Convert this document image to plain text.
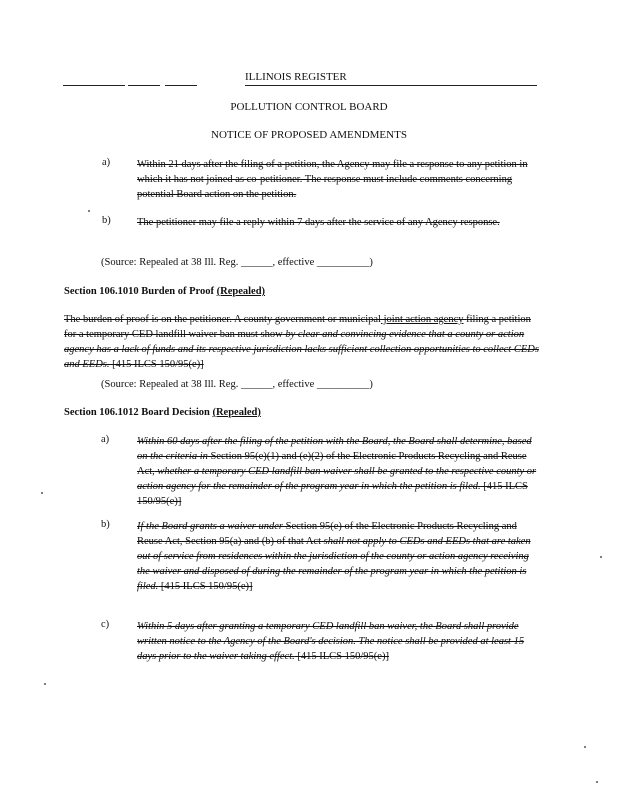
ILLINOIS REGISTER
POLLUTION CONTROL BOARD
NOTICE OF PROPOSED AMENDMENTS
a)	Within 21 days after the filing of a petition, the Agency may file a response to any petition in which it has not joined as co-petitioner. The response must include comments concerning potential Board action on the petition.

b)	The petitioner may file a reply within 7 days after the service of any Agency response.

(Source: Repealed at 38 Ill. Reg. ______, effective __________)
Section 106.1010 Burden of Proof (Repealed)

The burden of proof is on the petitioner. A county government or municipal joint action agency filing a petition for a temporary CED landfill waiver ban must show by clear and convincing evidence that a county or action agency has a lack of funds and its respective jurisdiction lacks sufficient collection opportunities to collect CEDs and EEDs. [415 ILCS 150/95(e)]

(Source: Repealed at 38 Ill. Reg. ______, effective __________)
Section 106.1012 Board Decision (Repealed)
a)	Within 60 days after the filing of the petition with the Board, the Board shall determine, based on the criteria in Section 95(e)(1) and (e)(2) of the Electronic Products Recycling and Reuse Act, whether a temporary CED landfill ban waiver shall be granted to the respective county or action agency for the remainder of the program year in which the petition is filed. [415 ILCS 150/95(e)]

b)	If the Board grants a waiver under Section 95(e) of the Electronic Products Recycling and Reuse Act, Section 95(a) and (b) of that Act shall not apply to CEDs and EEDs that are taken out of service from residences within the jurisdiction of the county or action agency receiving the waiver and disposed of during the remainder of the program year in which the petition is filed. [415 ILCS 150/95(e)]

c)	Within 5 days after granting a temporary CED landfill ban waiver, the Board shall provide written notice to the Agency of the Board's decision. The notice shall be provided at least 15 days prior to the waiver taking effect. [415 ILCS 150/95(e)]
